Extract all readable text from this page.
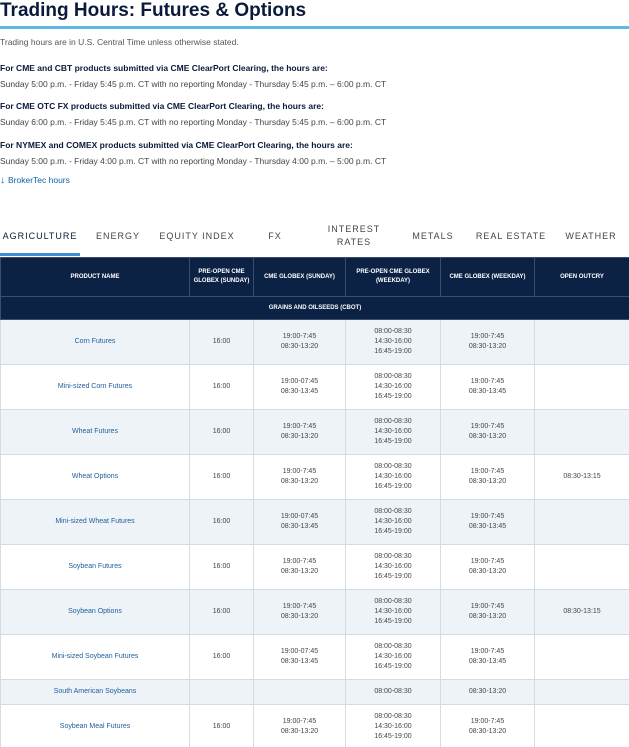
Trading Hours: Futures & Options

Trading hours are in U.S. Central Time unless otherwise stated.

For CME and CBT products submitted via CME ClearPort Clearing, the hours are:
Sunday 5:00 p.m. - Friday 5:45 p.m. CT with no reporting Monday - Thursday 5:45 p.m. – 6:00 p.m. CT
For CME OTC FX products submitted via CME ClearPort Clearing, the hours are:
Sunday 6:00 p.m. - Friday 5:45 p.m. CT with no reporting Monday - Thursday 5:45 p.m. – 6:00 p.m. CT
For NYMEX and COMEX products submitted via CME ClearPort Clearing, the hours are:
Sunday 5:00 p.m. - Friday 4:00 p.m. CT with no reporting Monday - Thursday 4:00 p.m. – 5:00 p.m. CT
↓ BrokerTec hours
AGRICULTURE ENERGY EQUITY INDEX	FX
INTEREST RATES
METALS REAL ESTATE WEATHER
PRODUCT NAME	PRE-OPEN CME GLOBEX (SUNDAY)	CME GLOBEX (SUNDAY)	PRE-OPEN CME GLOBEX (WEEKDAY)	CME GLOBEX (WEEKDAY)	OPEN OUTCRY
GRAINS AND OILSEEDS (CBOT)					
Corn Futures	16:00	19:00-7:45
08:30-13:20	08:00-08:30
14:30-16:00
16:45-19:00	19:00-7:45
08:30-13:20	

Mini-sized Corn Futures	16:00	19:00-07:45
08:30-13:45	08:00-08:30
14:30-16:00
16:45-19:00	19:00-7:45
08:30-13:45	

Wheat Futures	16:00	19:00-7:45
08:30-13:20	08:00-08:30
14:30-16:00
16:45-19:00	19:00-7:45
08:30-13:20	

Wheat Options	16:00	19:00-7:45
08:30-13:20	08:00-08:30
14:30-16:00
16:45-19:00	19:00-7:45
08:30-13:20	08:30-13:15
Mini-sized Wheat Futures	16:00	19:00-07:45
08:30-13:45	08:00-08:30
14:30-16:00
16:45-19:00	19:00-7:45
08:30-13:45	

Soybean Futures	16:00	19:00-7:45
08:30-13:20	08:00-08:30
14:30-16:00
16:45-19:00	19:00-7:45
08:30-13:20	

Soybean Options	16:00	19:00-7:45
08:30-13:20	08:00-08:30
14:30-16:00
16:45-19:00	19:00-7:45
08:30-13:20	08:30-13:15
Mini-sized Soybean Futures	16:00	19:00-07:45
08:30-13:45	08:00-08:30
14:30-16:00
16:45-19:00	19:00-7:45
08:30-13:45	

South American Soybeans			08:00-08:30	08:30-13:20	

Soybean Meal Futures	16:00	19:00-7:45
08:30-13:20	08:00-08:30
14:30-16:00
16:45-19:00	19:00-7:45
08:30-13:20	
